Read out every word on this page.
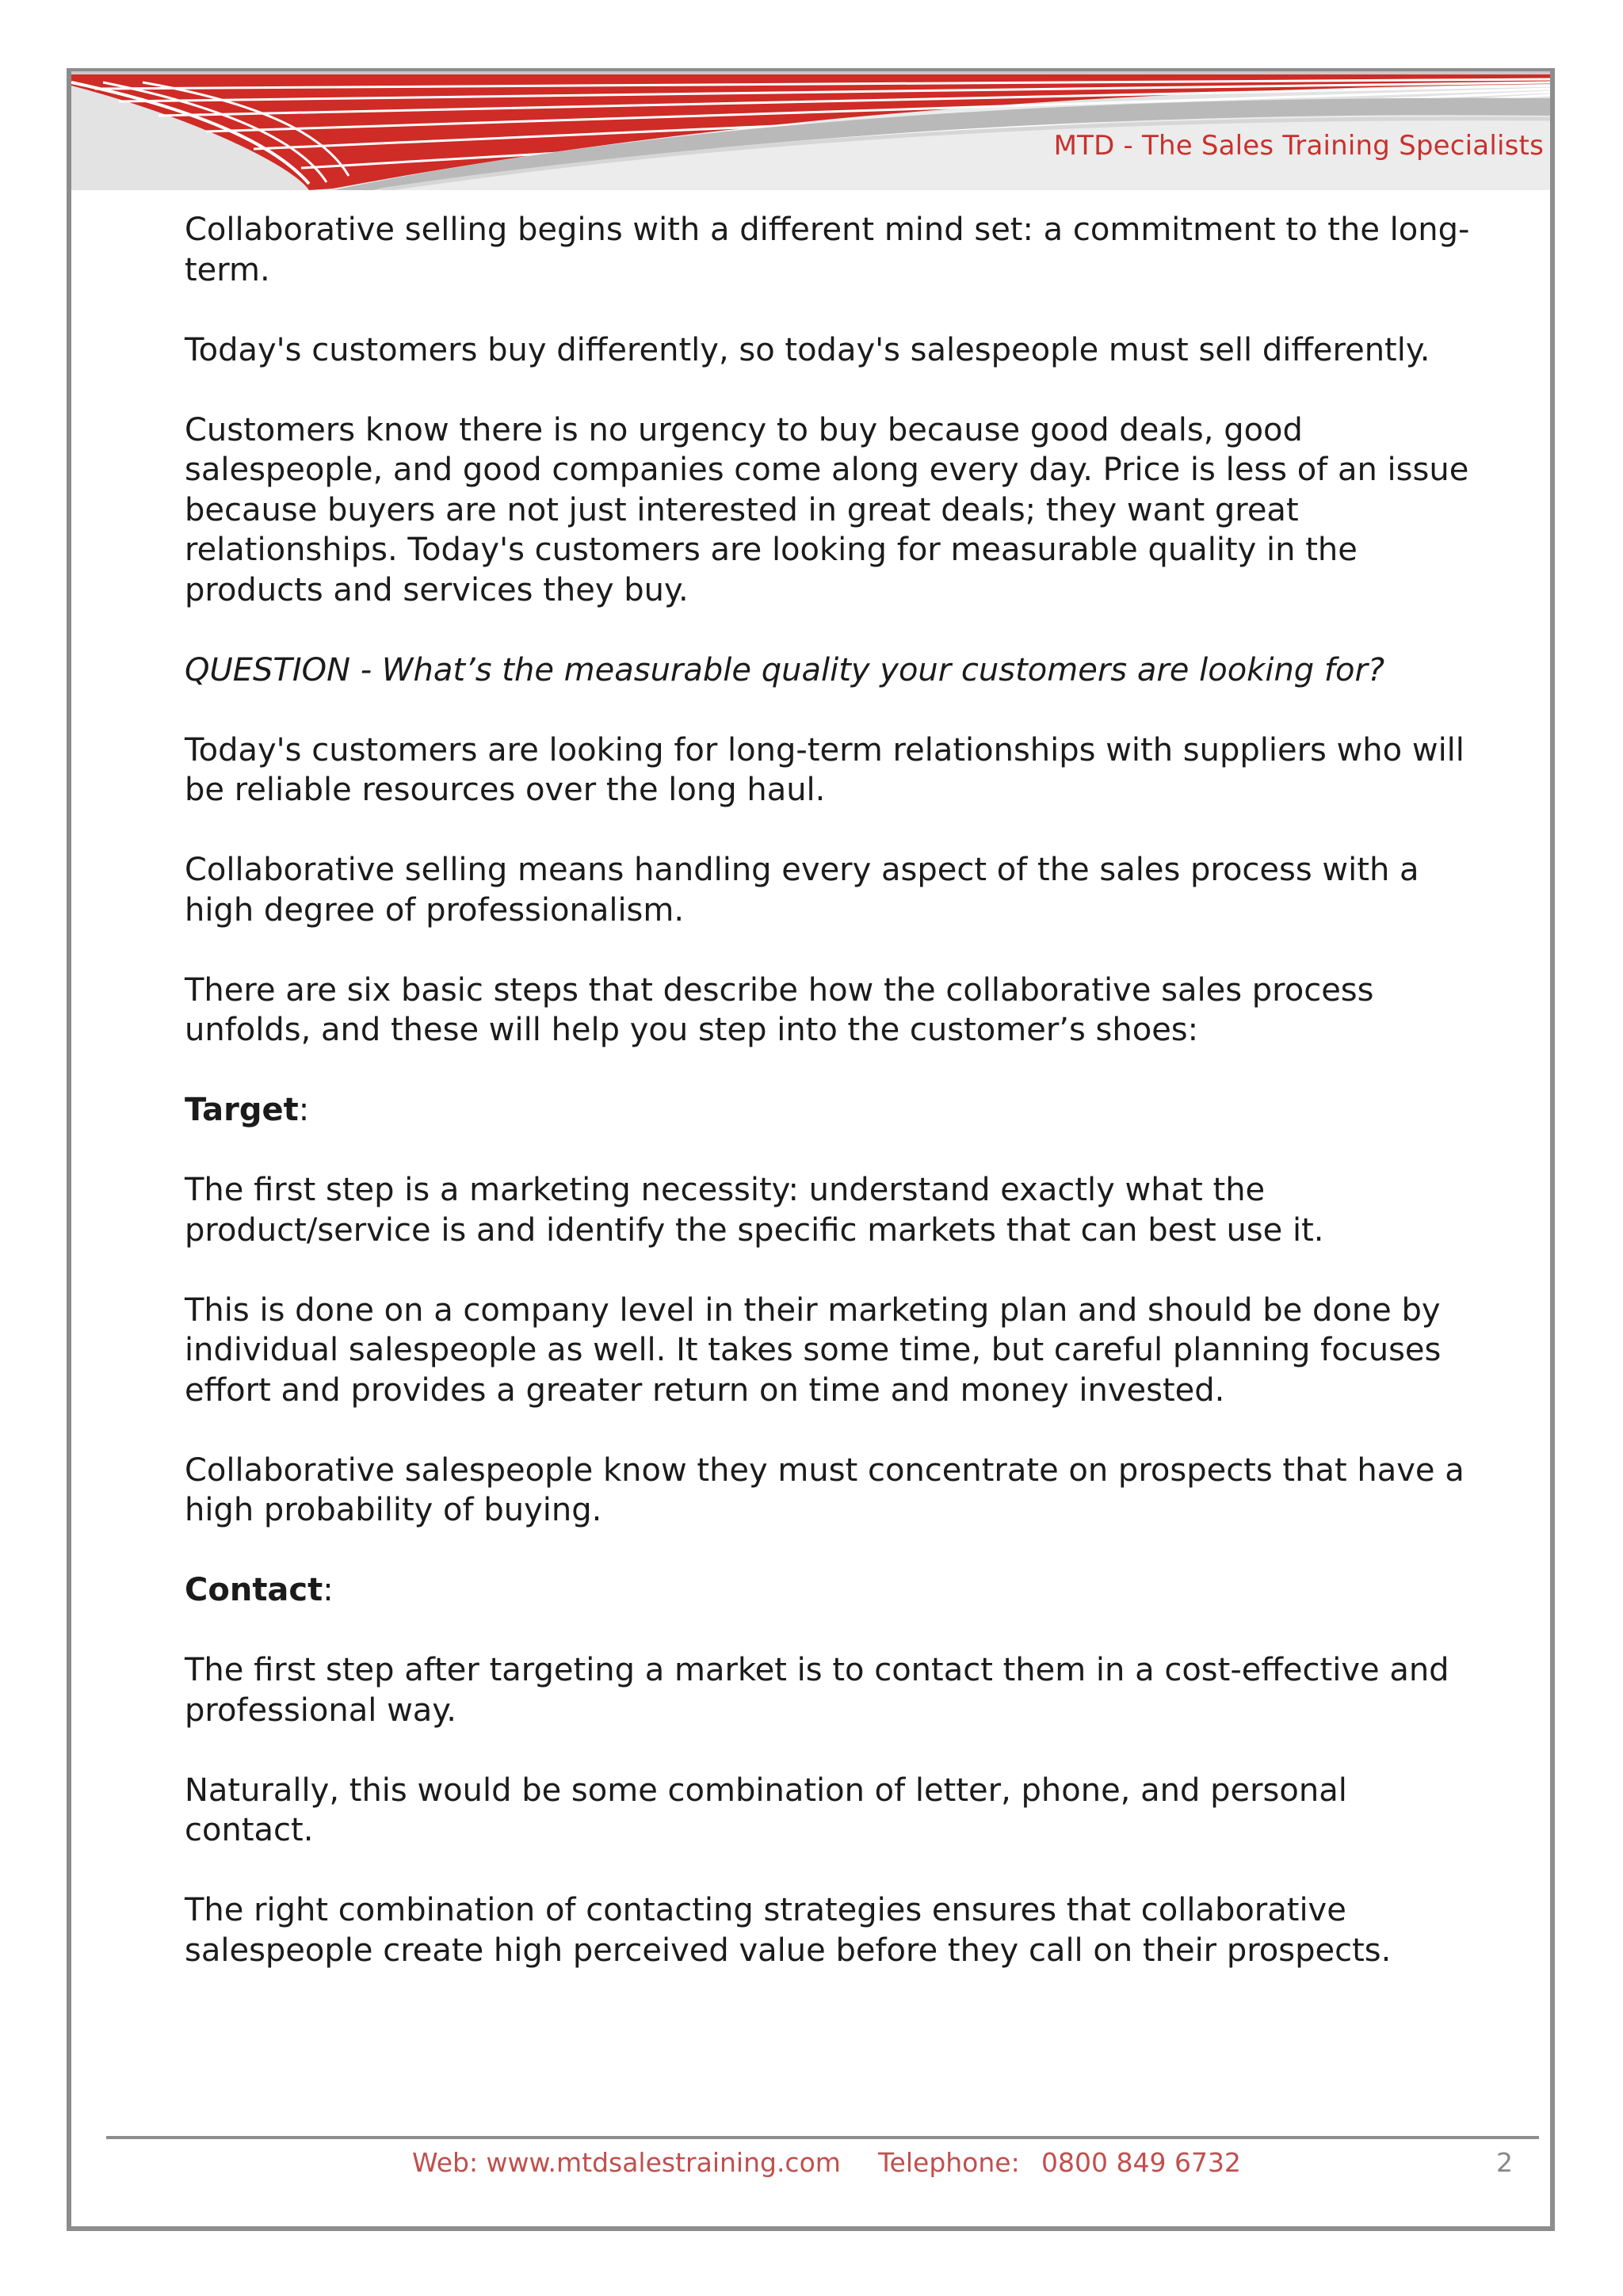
MTD - The Sales Training Specialists

Collaborative selling begins with a different mind set: a commitment to the long-term.

Today's customers buy differently, so today's salespeople must sell differently.

Customers know there is no urgency to buy because good deals, good salespeople, and good companies come along every day. Price is less of an issue because buyers are not just interested in great deals; they want great relationships. Today's customers are looking for measurable quality in the products and services they buy.

QUESTION - What’s the measurable quality your customers are looking for?

Today's customers are looking for long-term relationships with suppliers who will be reliable resources over the long haul.

Collaborative selling means handling every aspect of the sales process with a high degree of professionalism.

There are six basic steps that describe how the collaborative sales process unfolds, and these will help you step into the customer’s shoes:

Target:

The first step is a marketing necessity: understand exactly what the product/service is and identify the specific markets that can best use it.

This is done on a company level in their marketing plan and should be done by individual salespeople as well. It takes some time, but careful planning focuses effort and provides a greater return on time and money invested.

Collaborative salespeople know they must concentrate on prospects that have a high probability of buying.

Contact:

The first step after targeting a market is to contact them in a cost-effective and professional way.

Naturally, this would be some combination of letter, phone, and personal contact.

The right combination of contacting strategies ensures that collaborative salespeople create high perceived value before they call on their prospects.

Web: www.mtdsalestraining.com Telephone: 0800 849 6732	2
